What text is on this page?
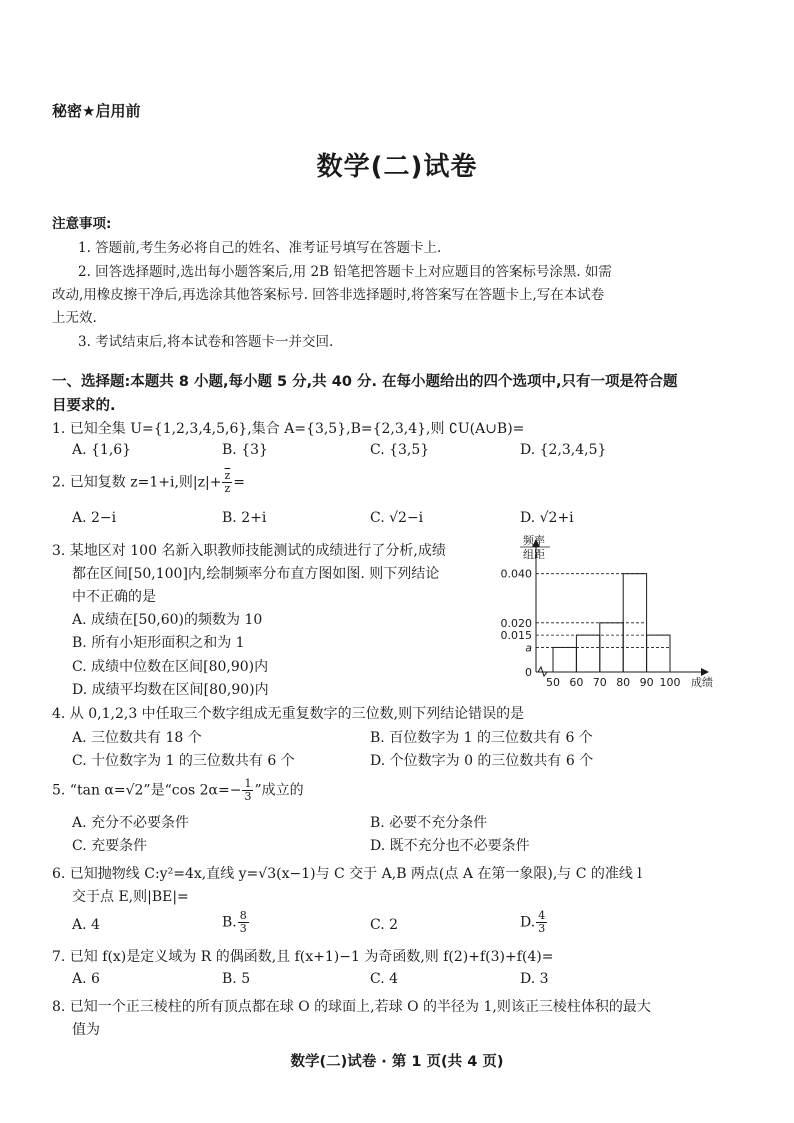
秘密★启用前
数学(二)试卷
注意事项:
1. 答题前,考生务必将自己的姓名、准考证号填写在答题卡上.
2. 回答选择题时,选出每小题答案后,用 2B 铅笔把答题卡上对应题目的答案标号涂黑. 如需
改动,用橡皮擦干净后,再选涂其他答案标号. 回答非选择题时,将答案写在答题卡上,写在本试卷
上无效.
3. 考试结束后,将本试卷和答题卡一并交回.
一、选择题:本题共 8 小题,每小题 5 分,共 40 分. 在每小题给出的四个选项中,只有一项是符合题
目要求的.
1. 已知全集 U={1,2,3,4,5,6},集合 A={3,5},B={2,3,4},则 ∁U(A∪B)=
A. {1,6}	B. {3}	C. {3,5}	D. {2,3,4,5}
2. 已知复数 z=1+i,则$|z|+ \frac{\overline{z}}{z}$ =
A. 2−i	B. 2+i	C. √2−i	D. √2+i
3. 某地区对 100 名新入职教师技能测试的成绩进行了分析,成绩
都在区间[50,100]内,绘制频率分布直方图如图. 则下列结论
中不正确的是
A. 成绩在[50,60)的频数为 10
B. 所有小矩形面积之和为 1
C. 成绩中位数在区间[80,90)内
D. 成绩平均数在区间[80,90)内
0
a
0.015
0.020
0.040
50 60 70 80 90 100
频率
组距
成绩
4. 从 0,1,2,3 中任取三个数字组成无重复数字的三位数,则下列结论错误的是
A. 三位数共有 18 个	B. 百位数字为 1 的三位数共有 6 个
C. 十位数字为 1 的三位数共有 6 个	D. 个位数字为 0 的三位数共有 6 个
5. “tan α=√2”是“cos $2\alpha=- \frac{1}{3}$ ”成立的
A. 充分不必要条件	B. 必要不充分条件
C. 充要条件	D. 既不充分也不必要条件
6. 已知抛物线 C:y²=4x,直线 y=√3(x−1)与 C 交于 A,B 两点(点 A 在第一象限),与 C 的准线 l
交于点 E,则|BE|=
A. 4	B. $\frac{8}{3}$	C. 2	D. $\frac{4}{3}$
7. 已知 f(x)是定义域为 R 的偶函数,且 f(x+1)−1 为奇函数,则 f(2)+f(3)+f(4)=
A. 6	B. 5	C. 4	D. 3
8. 已知一个正三棱柱的所有顶点都在球 O 的球面上,若球 O 的半径为 1,则该正三棱柱体积的最大
值为
数学(二)试卷 · 第 1 页(共 4 页)
